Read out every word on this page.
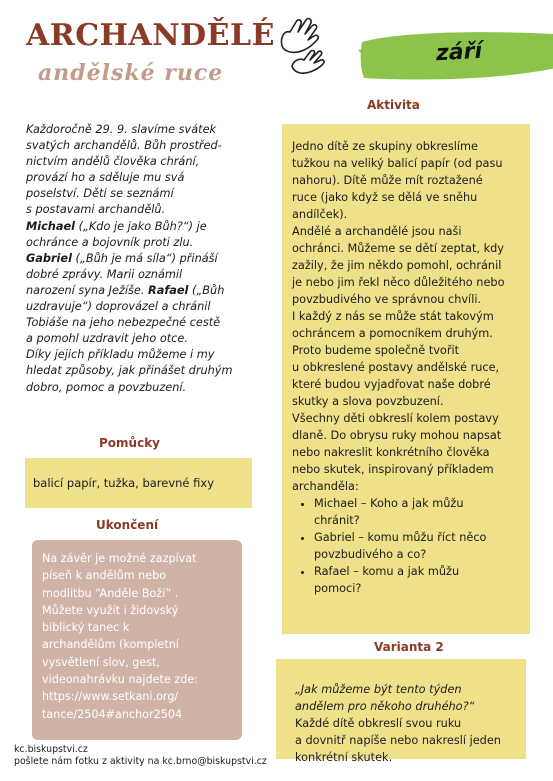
ARCHANDĚLÉ
andělské ruce
září
Každoročně 29. 9. slavíme svátek
svatých archandělů. Bůh prostřed-
nictvím andělů člověka chrání,
provází ho a sděluje mu svá
poselství. Děti se seznámí
s postavami archandělů.
Michael („Kdo je jako Bůh?“) je
ochránce a bojovník proti zlu.
Gabriel („Bůh je má síla“) přináší
dobré zprávy. Marii oznámil
narození syna Ježíše. Rafael („Bůh
uzdravuje“) doprovázel a chránil
Tobiáše na jeho nebezpečné cestě
a pomohl uzdravit jeho otce.
Díky jejich příkladu můžeme i my
hledat způsoby, jak přinášet druhým
dobro, pomoc a povzbuzení.
Pomůcky
balicí papír, tužka, barevné fixy
Ukončení
Na závěr je možné zazpívat
píseň k andělům nebo
modlitbu “Anděle Boží” .
Můžete využít i židovský
biblický tanec k
archandělům (kompletní
vysvětlení slov, gest,
videonahrávku najdete zde:
https://www.setkani.org/
tance/2504#anchor2504
Aktivita
Jedno dítě ze skupiny obkreslíme
tužkou na veliký balicí papír (od pasu
nahoru). Dítě může mít roztažené
ruce (jako když se dělá ve sněhu
andílček).
Andělé a archandělé jsou naši
ochránci. Můžeme se dětí zeptat, kdy
zažily, že jim někdo pomohl, ochránil
je nebo jim řekl něco důležitého nebo
povzbudivého ve správnou chvíli.
I každý z nás se může stát takovým
ochráncem a pomocníkem druhým.
Proto budeme společně tvořit
u obkreslené postavy andělské ruce,
které budou vyjadřovat naše dobré
skutky a slova povzbuzení.
Všechny děti obkreslí kolem postavy
dlaně. Do obrysu ruky mohou napsat
nebo nakreslit konkrétního člověka
nebo skutek, inspirovaný příkladem
archanděla:
• Michael – Koho a jak můžu
chránit?
• Gabriel – komu můžu říct něco
povzbudivého a co?
• Rafael – komu a jak můžu
pomoci?
Varianta 2
„Jak můžeme být tento týden
andělem pro někoho druhého?“
Každé dítě obkreslí svou ruku
a dovnitř napíše nebo nakreslí jeden
konkrétní skutek.
kc.biskupstvi.cz
pošlete nám fotku z aktivity na kc.brno@biskupstvi.cz
